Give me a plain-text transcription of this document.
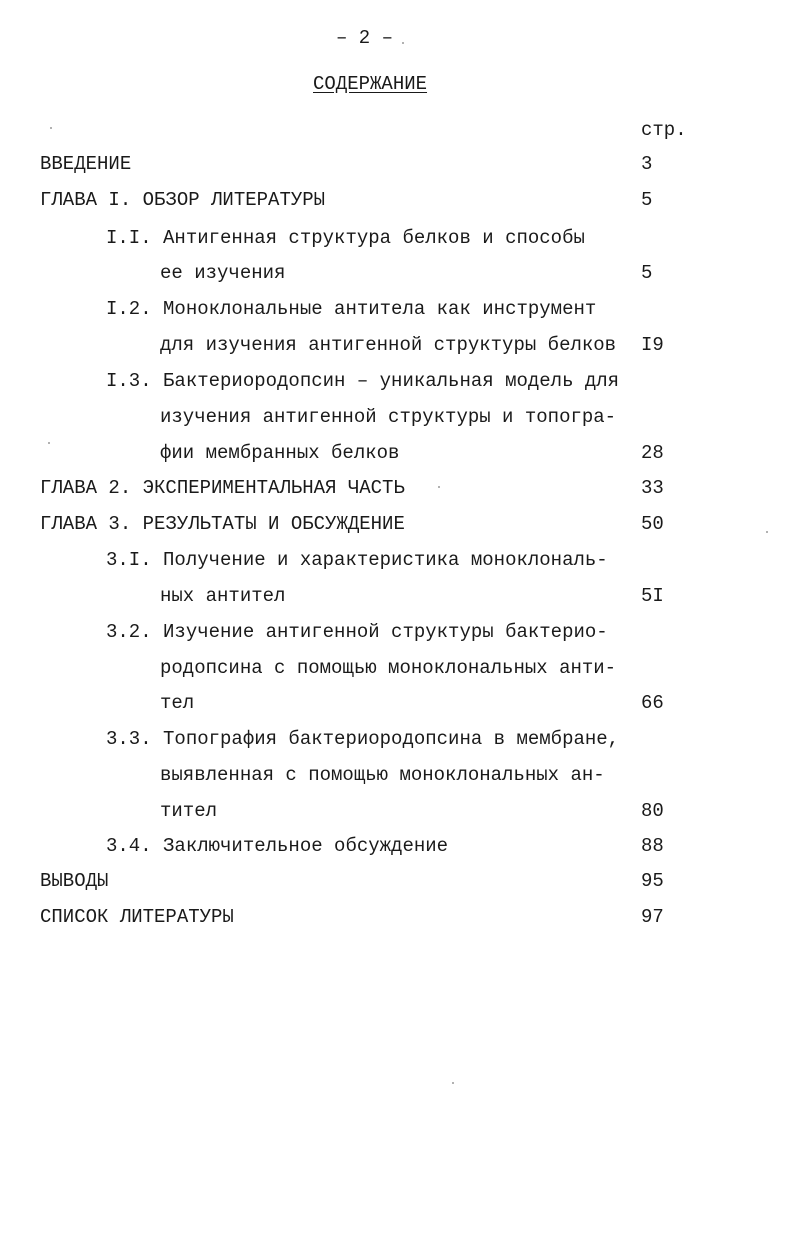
– 2 –
СОДЕРЖАНИЕ
стр.
ВВЕДЕНИЕ	3
ГЛАВА I. ОБЗОР ЛИТЕРАТУРЫ	5
I.I. Антигенная структура белков и способы
ее изучения	5
I.2. Моноклональные антитела как инструмент
для изучения антигенной структуры белков I9
I.3. Бактериородопсин – уникальная модель для
изучения антигенной структуры и топогра-
фии мембранных белков	28
ГЛАВА 2. ЭКСПЕРИМЕНТАЛЬНАЯ ЧАСТЬ	33
ГЛАВА 3. РЕЗУЛЬТАТЫ И ОБСУЖДЕНИЕ	50
3.I. Получение и характеристика моноклональ-
ных антител	5I
3.2. Изучение антигенной структуры бактерио-
родопсина с помощью моноклональных анти-
тел	66
3.3. Топография бактериородопсина в мембране,
выявленная с помощью моноклональных ан-
тител	80
3.4. Заключительное обсуждение	88
ВЫВОДЫ	95
СПИСОК ЛИТЕРАТУРЫ	97
